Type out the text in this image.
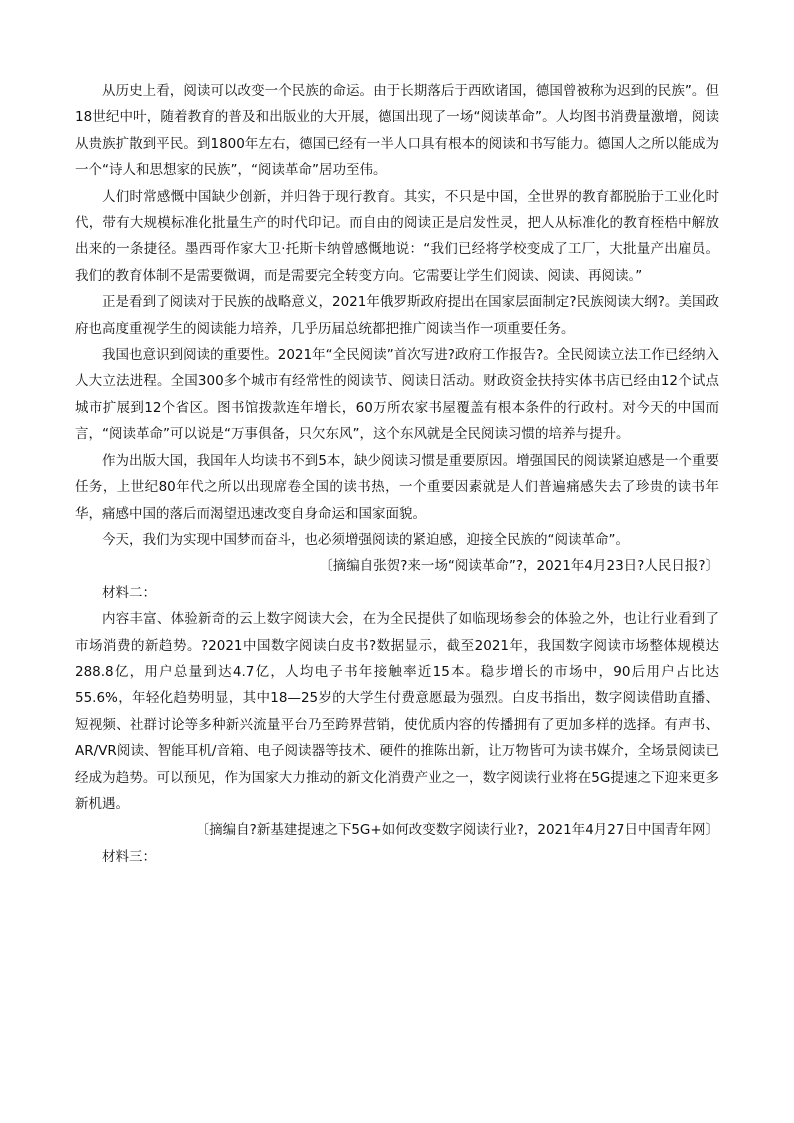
从历史上看，阅读可以改变一个民族的命运。由于长期落后于西欧诸国，德国曾被称为迟到的民族”。但18世纪中叶，随着教育的普及和出版业的大开展，德国出现了一场“阅读革命”。人均图书消费量激增，阅读从贵族扩散到平民。到1800年左右，德国已经有一半人口具有根本的阅读和书写能力。德国人之所以能成为一个“诗人和思想家的民族”，“阅读革命”居功至伟。

人们时常感慨中国缺少创新，并归咎于现行教育。其实，不只是中国，全世界的教育都脱胎于工业化时代，带有大规模标准化批量生产的时代印记。而自由的阅读正是启发性灵，把人从标准化的教育桎梏中解放出来的一条捷径。墨西哥作家大卫·托斯卡纳曾感慨地说：“我们已经将学校变成了工厂，大批量产出雇员。我们的教育体制不是需要微调，而是需要完全转变方向。它需要让学生们阅读、阅读、再阅读。”

正是看到了阅读对于民族的战略意义，2021年俄罗斯政府提出在国家层面制定?民族阅读大纲?。美国政府也高度重视学生的阅读能力培养，几乎历届总统都把推广阅读当作一项重要任务。

我国也意识到阅读的重要性。2021年“全民阅读”首次写进?政府工作报告?。全民阅读立法工作已经纳入人大立法进程。全国300多个城市有经常性的阅读节、阅读日活动。财政资金扶持实体书店已经由12个试点城市扩展到12个省区。图书馆拨款连年增长，60万所农家书屋覆盖有根本条件的行政村。对今天的中国而言，“阅读革命”可以说是“万事俱备，只欠东风”，这个东风就是全民阅读习惯的培养与提升。

作为出版大国，我国年人均读书不到5本，缺少阅读习惯是重要原因。增强国民的阅读紧迫感是一个重要任务，上世纪80年代之所以出现席卷全国的读书热，一个重要因素就是人们普遍痛感失去了珍贵的读书年华，痛感中国的落后而渴望迅速改变自身命运和国家面貌。

今天，我们为实现中国梦而奋斗，也必须增强阅读的紧迫感，迎接全民族的“阅读革命”。

〔摘编自张贺?来一场“阅读革命”?，2021年4月23日?人民日报?〕

材料二：

内容丰富、体验新奇的云上数字阅读大会，在为全民提供了如临现场参会的体验之外，也让行业看到了市场消费的新趋势。?2021中国数字阅读白皮书?数据显示，截至2021年，我国数字阅读市场整体规模达288.8亿，用户总量到达4.7亿，人均电子书年接触率近15本。稳步增长的市场中，90后用户占比达55.6%，年轻化趋势明显，其中18—25岁的大学生付费意愿最为强烈。白皮书指出，数字阅读借助直播、短视频、社群讨论等多种新兴流量平台乃至跨界营销，使优质内容的传播拥有了更加多样的选择。有声书、AR/VR阅读、智能耳机/音箱、电子阅读器等技术、硬件的推陈出新，让万物皆可为读书媒介，全场景阅读已经成为趋势。可以预见，作为国家大力推动的新文化消费产业之一，数字阅读行业将在5G提速之下迎来更多新机遇。

〔摘编自?新基建提速之下5G+如何改变数字阅读行业?，2021年4月27日中国青年网〕

材料三：
